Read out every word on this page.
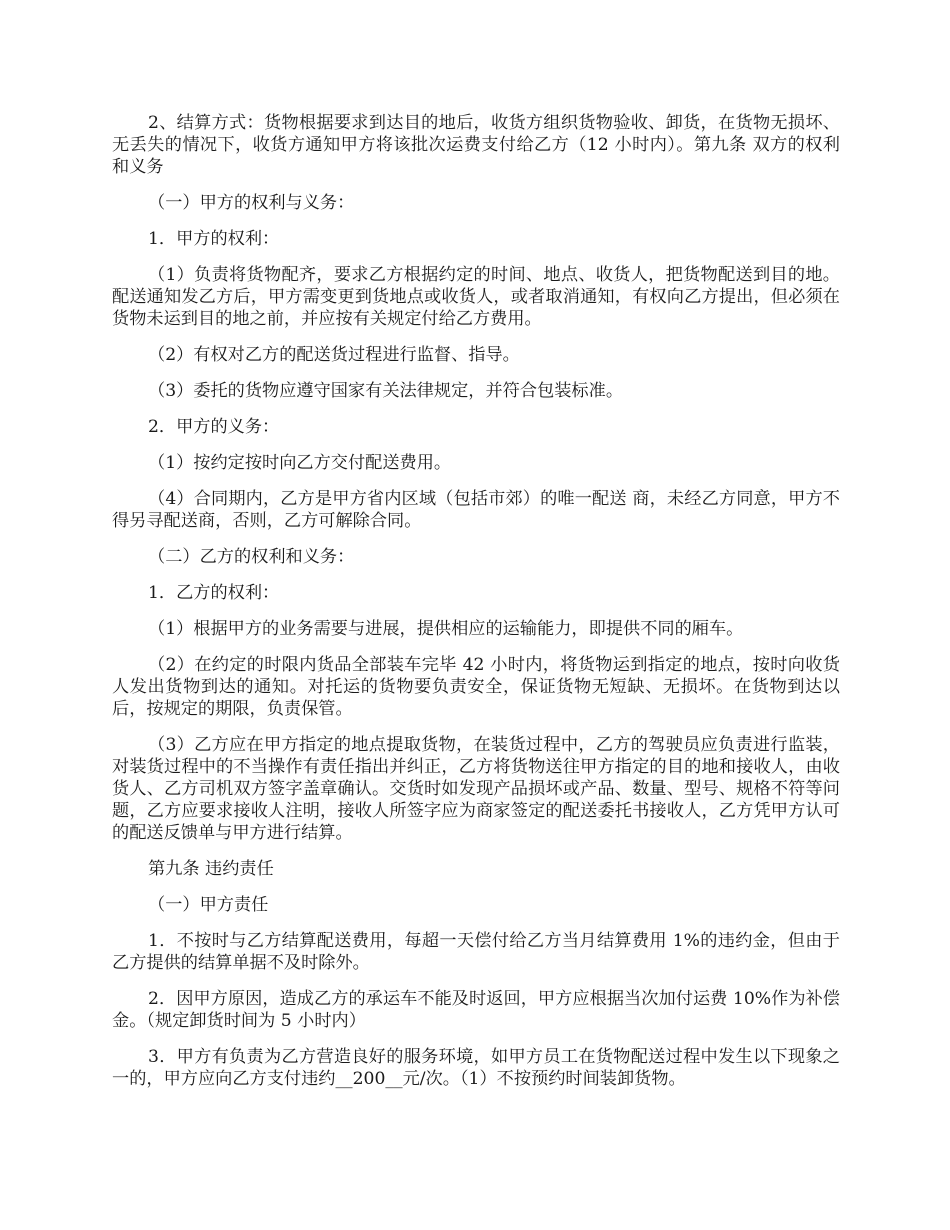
2、结算方式：货物根据要求到达目的地后，收货方组织货物验收、卸货，在货物无损坏、无丢失的情况下，收货方通知甲方将该批次运费支付给乙方（12 小时内）。第九条 双方的权利和义务

（一）甲方的权利与义务：

1．甲方的权利：

（1）负责将货物配齐，要求乙方根据约定的时间、地点、收货人，把货物配送到目的地。配送通知发乙方后，甲方需变更到货地点或收货人，或者取消通知，有权向乙方提出，但必须在货物未运到目的地之前，并应按有关规定付给乙方费用。

（2）有权对乙方的配送货过程进行监督、指导。

（3）委托的货物应遵守国家有关法律规定，并符合包装标准。

2．甲方的义务：

（1）按约定按时向乙方交付配送费用。

（4）合同期内，乙方是甲方省内区域（包括市郊）的唯一配送 商，未经乙方同意，甲方不得另寻配送商，否则，乙方可解除合同。

（二）乙方的权利和义务：

1．乙方的权利：

（1）根据甲方的业务需要与进展，提供相应的运输能力，即提供不同的厢车。

（2）在约定的时限内货品全部装车完毕 42 小时内，将货物运到指定的地点，按时向收货人发出货物到达的通知。对托运的货物要负责安全，保证货物无短缺、无损坏。在货物到达以后，按规定的期限，负责保管。

（3）乙方应在甲方指定的地点提取货物，在装货过程中，乙方的驾驶员应负责进行监装，对装货过程中的不当操作有责任指出并纠正，乙方将货物送往甲方指定的目的地和接收人，由收货人、乙方司机双方签字盖章确认。交货时如发现产品损坏或产品、数量、型号、规格不符等问题，乙方应要求接收人注明，接收人所签字应为商家签定的配送委托书接收人，乙方凭甲方认可的配送反馈单与甲方进行结算。

第九条 违约责任

（一）甲方责任

1．不按时与乙方结算配送费用，每超一天偿付给乙方当月结算费用 1%的违约金，但由于乙方提供的结算单据不及时除外。

2．因甲方原因，造成乙方的承运车不能及时返回，甲方应根据当次加付运费 10%作为补偿金。（规定卸货时间为 5 小时内）

3．甲方有负责为乙方营造良好的服务环境，如甲方员工在货物配送过程中发生以下现象之一的，甲方应向乙方支付违约__200__元/次。（1）不按预约时间装卸货物。
